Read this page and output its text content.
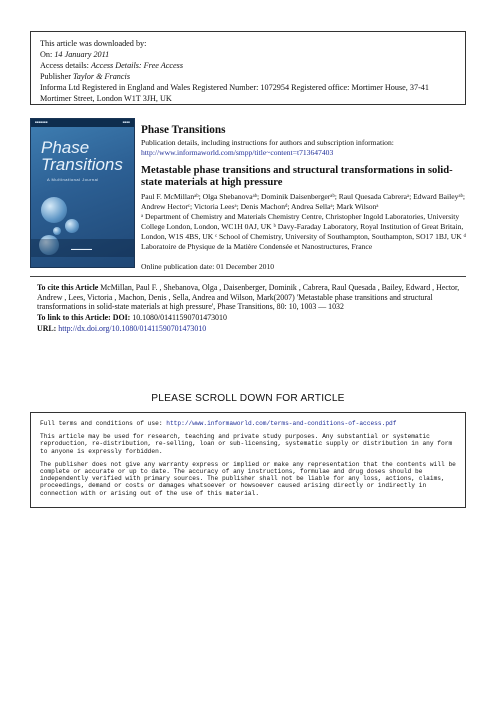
This article was downloaded by:
On: 14 January 2011
Access details: Access Details: Free Access
Publisher Taylor & Francis
Informa Ltd Registered in England and Wales Registered Number: 1072954 Registered office: Mortimer House, 37-41 Mortimer Street, London W1T 3JH, UK
■■■■■■■	■■■■
Phase
Transitions
A Multinational Journal
▬▬▬▬▬▬
Phase Transitions
Publication details, including instructions for authors and subscription information:
http://www.informaworld.com/smpp/title~content=t713647403
Metastable phase transitions and structural transformations in solid-state materials at high pressure
Paul F. McMillanᵃᵇ; Olga Shebanovaᵃᵇ; Dominik Daisenbergerᵃᵇ; Raul Quesada Cabreraᵃ; Edward Baileyᵃᵇ; Andrew Hectorᶜ; Victoria Leesᵃ; Denis Machonᵈ; Andrea Sellaᵃ; Mark Wilsonᵃ
ᵃ Department of Chemistry and Materials Chemistry Centre, Christopher Ingold Laboratories, University College London, London, WC1H 0AJ, UK ᵇ Davy-Faraday Laboratory, Royal Institution of Great Britain, London, W1S 4BS, UK ᶜ School of Chemistry, University of Southampton, Southampton, SO17 1BJ, UK ᵈ Laboratoire de Physique de la Matière Condensée et Nanostructures, France
Online publication date: 01 December 2010
To cite this Article McMillan, Paul F. , Shebanova, Olga , Daisenberger, Dominik , Cabrera, Raul Quesada , Bailey, Edward , Hector, Andrew , Lees, Victoria , Machon, Denis , Sella, Andrea and Wilson, Mark(2007) 'Metastable phase transitions and structural transformations in solid-state materials at high pressure', Phase Transitions, 80: 10, 1003 — 1032
To link to this Article: DOI: 10.1080/01411590701473010
URL: http://dx.doi.org/10.1080/01411590701473010
PLEASE SCROLL DOWN FOR ARTICLE

Full terms and conditions of use: http://www.informaworld.com/terms-and-conditions-of-access.pdf

This article may be used for research, teaching and private study purposes. Any substantial or systematic reproduction, re-distribution, re-selling, loan or sub-licensing, systematic supply or distribution in any form to anyone is expressly forbidden.

The publisher does not give any warranty express or implied or make any representation that the contents will be complete or accurate or up to date. The accuracy of any instructions, formulae and drug doses should be independently verified with primary sources. The publisher shall not be liable for any loss, actions, claims, proceedings, demand or costs or damages whatsoever or howsoever caused arising directly or indirectly in connection with or arising out of the use of this material.
